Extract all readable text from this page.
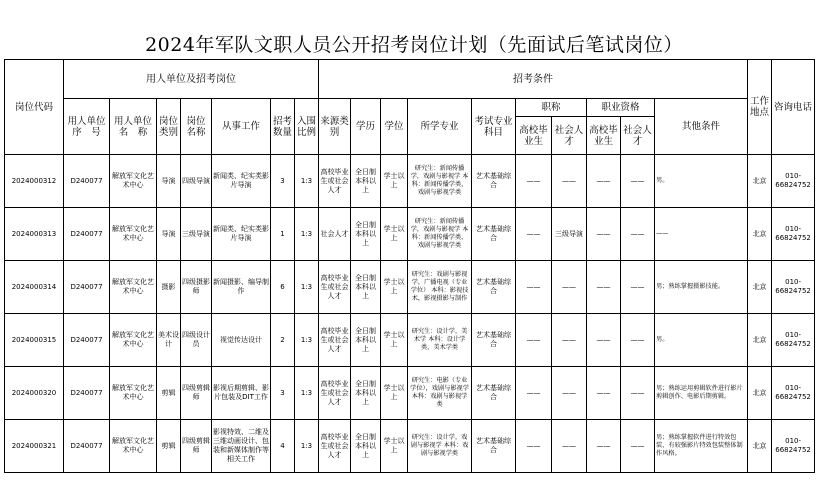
2024年军队文职人员公开招考岗位计划（先面试后笔试岗位）
岗位代码	用人单位及招考岗位							招考条件										工作地点	咨询电话
	用人单位序　号	用人单位名　称	岗位类别	岗位名称	从事工作	招考数量	入围比例	来源类别	学历	学位	所学专业	考试专业科目	职称		职业资格		其他条件		
													高校毕业生	社会人才	高校毕业生	社会人才			
2024000312	D240077	解放军文化艺术中心	导演	四级导演	新闻类、纪实类影片导演	3	1:3	高校毕业生或社会人才	全日制本科以上	学士以上	研究生：新闻传播学，戏剧与影视学 本科：新闻传播学类，戏剧与影视学类	艺术基础综合	——	——	——	——	男。	北京	010-66824752
2024000313	D240077	解放军文化艺术中心	导演	三级导演	新闻类、纪实类影片导演	1	1:3	社会人才	全日制本科以上	学士以上	研究生：新闻传播学，戏剧与影视学 本科：新闻传播学类，戏剧与影视学类	艺术基础综合	——	三级导演	——	——	——	北京	010-66824752
2024000314	D240077	解放军文化艺术中心	摄影	四级摄影师	新闻摄影、编导制作	6	1:3	高校毕业生或社会人才	全日制本科以上	学士以上	研究生：戏剧与影视学，广播电视（专业学位） 本科：影视技术，影视摄影与制作	艺术基础综合	——	——	——	——	男；熟练掌握摄影技能。	北京	010-66824752
2024000315	D240077	解放军文化艺术中心	美术设计	四级设计员	视觉传达设计	2	1:3	高校毕业生或社会人才	全日制本科以上	学士以上	研究生：设计学，美术学 本科：设计学类，美术学类	艺术基础综合	——	——	——	——	男。	北京	010-66824752
2024000320	D240077	解放军文化艺术中心	剪辑	四级剪辑师	影视后期剪辑、影片包装及DIT工作	3	1:3	高校毕业生或社会人才	全日制本科以上	学士以上	研究生：电影（专业学位），戏剧与影视学 本科：戏剧与影视学类	艺术基础综合	——	——	——	——	男；熟练运用剪辑软件进行影片剪辑创作、电影后期剪辑。	北京	010-66824752
2024000321	D240077	解放军文化艺术中心	剪辑	四级剪辑师	影视特效、二维及三维动画设计、包装和新媒体制作等相关工作	4	1:3	高校毕业生或社会人才	全日制本科以上	学士以上	研究生：设计学，戏剧与影视学 本科：戏剧与影视学类	艺术基础综合	——	——	——	——	男；熟练掌握软件进行特效包装、有较强影片特效包装整体制作风格。	北京	010-66824752
